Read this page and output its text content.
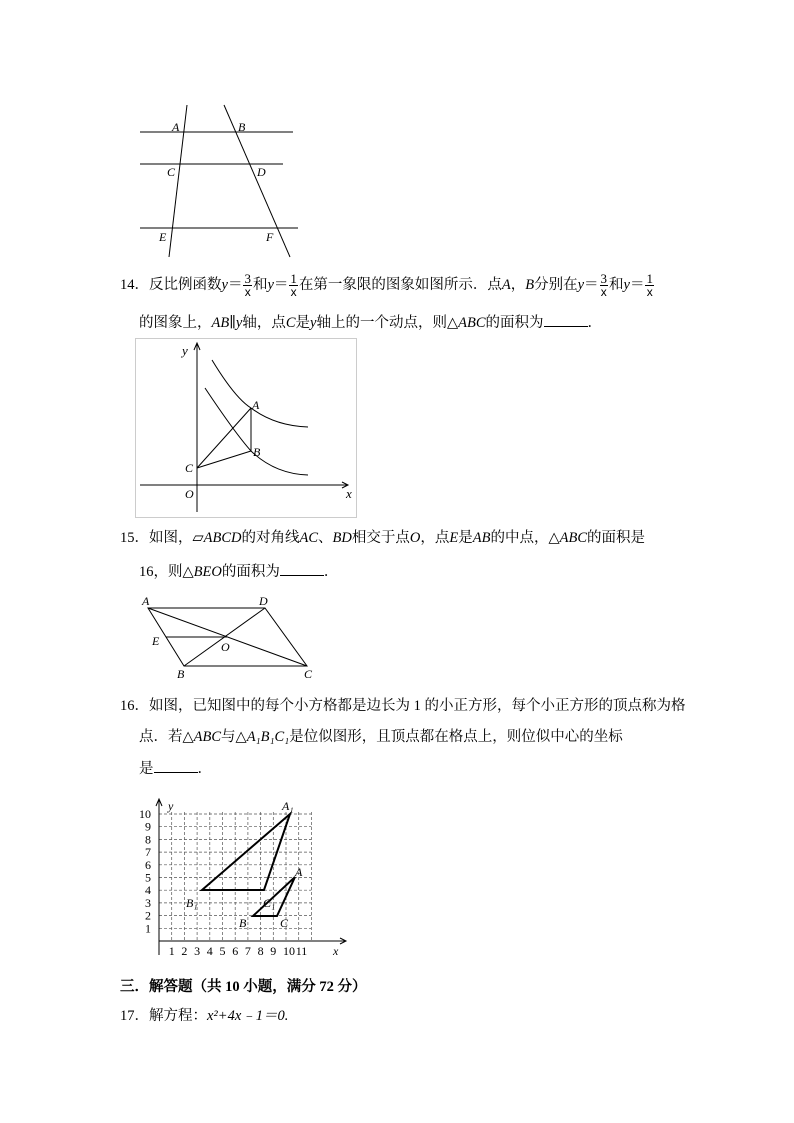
A	B
C	D
E	F
14．反比例函数$y= \frac{3}{x}$ 和$y= \frac{1}{x}$ 在第一象限的图象如图所示．点A，B分别在$y= \frac{3}{x}$ 和$y= \frac{1}{x}$
的图象上，AB∥y轴，点C是y轴上的一个动点，则△ABC的面积为	．
y
A
B
C
O	x
15．如图，▱ABCD的对角线AC、BD相交于点O，点E是AB的中点，△ABC的面积是
16，则△BEO的面积为	．
A	D
E	O
B	C
16．如图，已知图中的每个小方格都是边长为 1 的小正方形，每个小正方形的顶点称为格
点．若△ABC与△A₁B₁C₁是位似图形，且顶点都在格点上，则位似中心的坐标
是	．
1 2 3 4 5 6 7 8 9 10 11
1
2
3
4
5
6
7
8
9
10
y
x
A₁
B₁	C₁
A
B	C
三．解答题（共 10 小题，满分 72 分）
17．解方程：x²+4x﹣1＝0.
